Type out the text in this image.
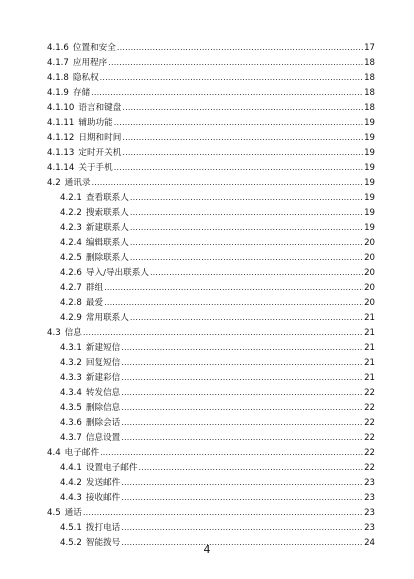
4.1.6 位置和安全 .....	17
4.1.7 应用程序 .....	18
4.1.8 隐私权 .....	18
4.1.9 存储 .....	18
4.1.10 语言和键盘 .....	18
4.1.11 辅助功能 .....	19
4.1.12 日期和时间 .....	19
4.1.13 定时开关机 .....	19
4.1.14 关于手机 .....	19
4.2 通讯录 .....	19
4.2.1 查看联系人 .....	19
4.2.2 搜索联系人 .....	19
4.2.3 新建联系人 .....	19
4.2.4 编辑联系人 .....	20
4.2.5 删除联系人 .....	20
4.2.6 导入/导出联系人 .....	20
4.2.7 群组 .....	20
4.2.8 最爱 .....	20
4.2.9 常用联系人 .....	21
4.3 信息 .....	21
4.3.1 新建短信 .....	21
4.3.2 回复短信 .....	21
4.3.3 新建彩信 .....	21
4.3.4 转发信息 .....	22
4.3.5 删除信息 .....	22
4.3.6 删除会话 .....	22
4.3.7 信息设置 .....	22
4.4 电子邮件 .....	22
4.4.1 设置电子邮件 .....	22
4.4.2 发送邮件 .....	23
4.4.3 接收邮件 .....	23
4.5 通话 .....	23
4.5.1 拨打电话 .....	23
4.5.2 智能拨号 .....	24
4
